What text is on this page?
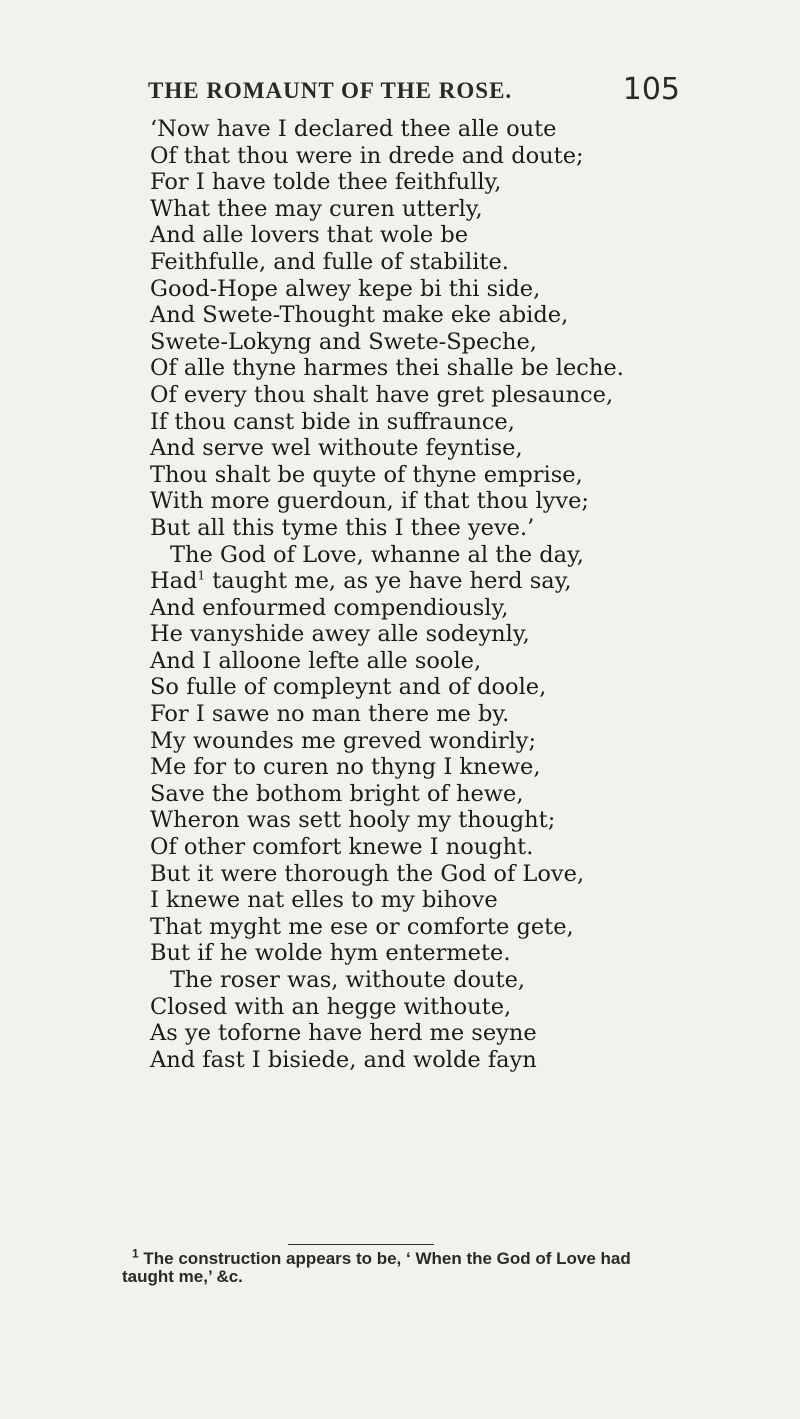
THE ROMAUNT OF THE ROSE.	105
‘Now have I declared thee alle oute
Of that thou were in drede and doute;
For I have tolde thee feithfully,
What thee may curen utterly,
And alle lovers that wole be
Feithfulle, and fulle of stabilite.
Good-Hope alwey kepe bi thi side,
And Swete-Thought make eke abide,
Swete-Lokyng and Swete-Speche,
Of alle thyne harmes thei shalle be leche.
Of every thou shalt have gret plesaunce,
If thou canst bide in suffraunce,
And serve wel withoute feyntise,
Thou shalt be quyte of thyne emprise,
With more guerdoun, if that thou lyve;
But all this tyme this I thee yeve.’
The God of Love, whanne al the day,
Had$^1$ taught me, as ye have herd say,
And enfourmed compendiously,
He vanyshide awey alle sodeynly,
And I alloone lefte alle soole,
So fulle of compleynt and of doole,
For I sawe no man there me by.
My woundes me greved wondirly;
Me for to curen no thyng I knewe,
Save the bothom bright of hewe,
Wheron was sett hooly my thought;
Of other comfort knewe I nought.
But it were thorough the God of Love,
I knewe nat elles to my bihove
That myght me ese or comforte gete,
But if he wolde hym entermete.
The roser was, withoute doute,
Closed with an hegge withoute,
As ye toforne have herd me seyne
And fast I bisiede, and wolde fayn
$^1$ The construction appears to be, ‘ When the God of Love had
taught me,’ &c.
